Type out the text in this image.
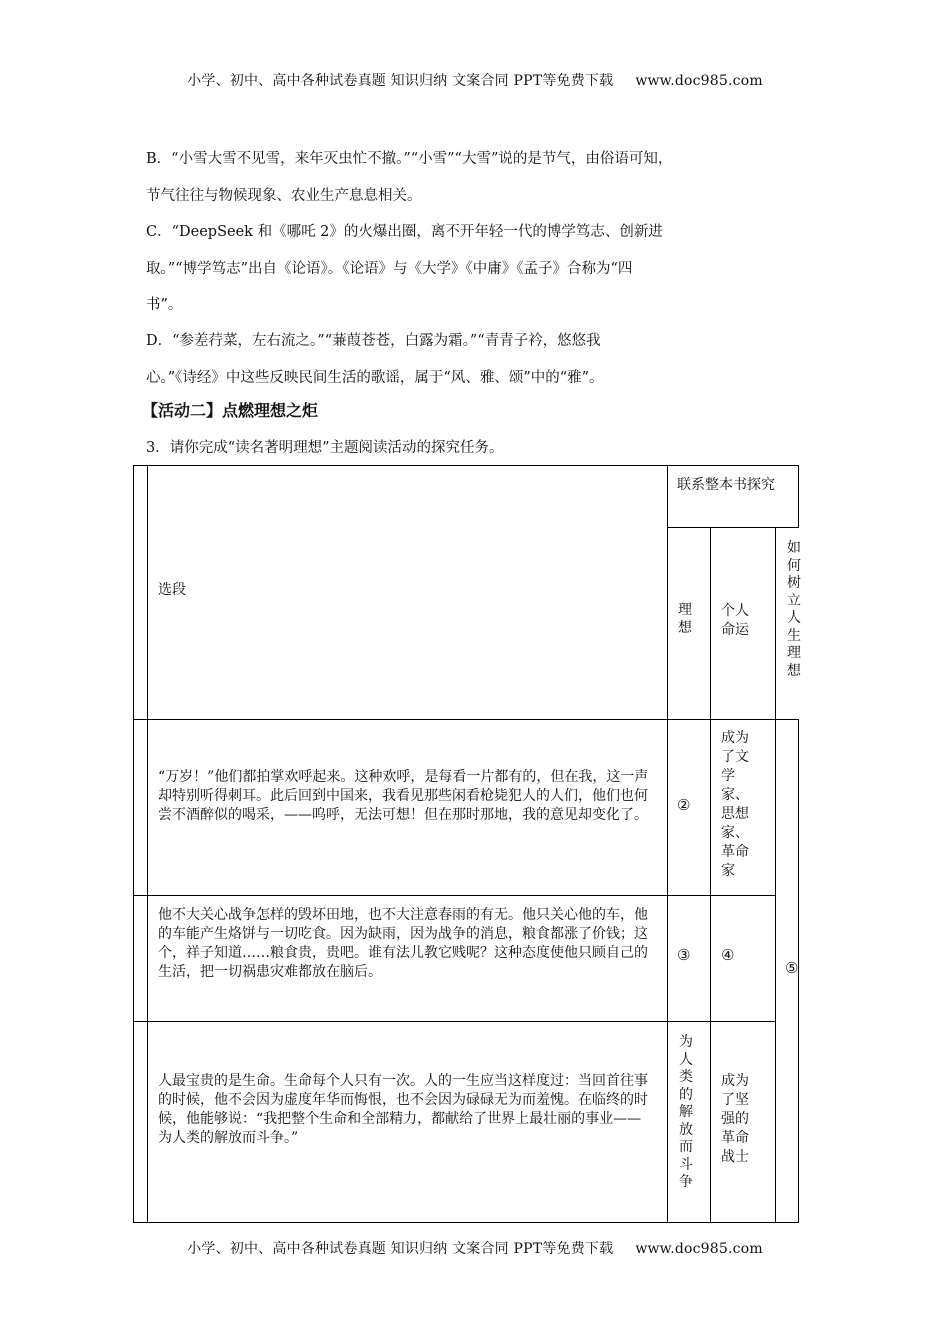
小学、初中、高中各种试卷真题 知识归纳 文案合同 PPT等免费下载 www.doc985.com
B．“小雪大雪不见雪，来年灭虫忙不撤。”“小雪”“大雪”说的是节气，由俗语可知，
节气往往与物候现象、农业生产息息相关。
C．“DeepSeek 和《哪吒 2》的火爆出圈，离不开年轻一代的博学笃志、创新进
取。”“博学笃志”出自《论语》。《论语》与《大学》《中庸》《孟子》合称为“四
书”。
D．“参差荇菜，左右流之。”“蒹葭苍苍，白露为霜。”“青青子衿，悠悠我
心。”《诗经》中这些反映民间生活的歌谣，属于“风、雅、颂”中的“雅”。
【活动二】点燃理想之炬
3．请你完成“读名著明理想”主题阅读活动的探究任务。
选段
联系整本书探究
理想
个人命运
如何树立人生理想
“万岁！”他们都拍掌欢呼起来。这种欢呼，是每看一片都有的，但在我，这一声却特别听得刺耳。此后回到中国来，我看见那些闲看枪毙犯人的人们，他们也何尝不酒醉似的喝采，——呜呼，无法可想！但在那时那地，我的意见却变化了。
②
成为了文学家、思想家、革命家
他不大关心战争怎样的毁坏田地，也不大注意春雨的有无。他只关心他的车，他的车能产生烙饼与一切吃食。因为缺雨，因为战争的消息，粮食都涨了价钱；这个，祥子知道……粮食贵，贵吧。谁有法儿教它贱呢？这种态度使他只顾自己的生活，把一切祸患灾难都放在脑后。
③ ④
人最宝贵的是生命。生命每个人只有一次。人的一生应当这样度过：当回首往事的时候，他不会因为虚度年华而悔恨，也不会因为碌碌无为而羞愧。在临终的时候，他能够说：“我把整个生命和全部精力，都献给了世界上最壮丽的事业——为人类的解放而斗争。”
为人类的解放而斗争
成为了坚强的革命战士
⑤
小学、初中、高中各种试卷真题 知识归纳 文案合同 PPT等免费下载 www.doc985.com
